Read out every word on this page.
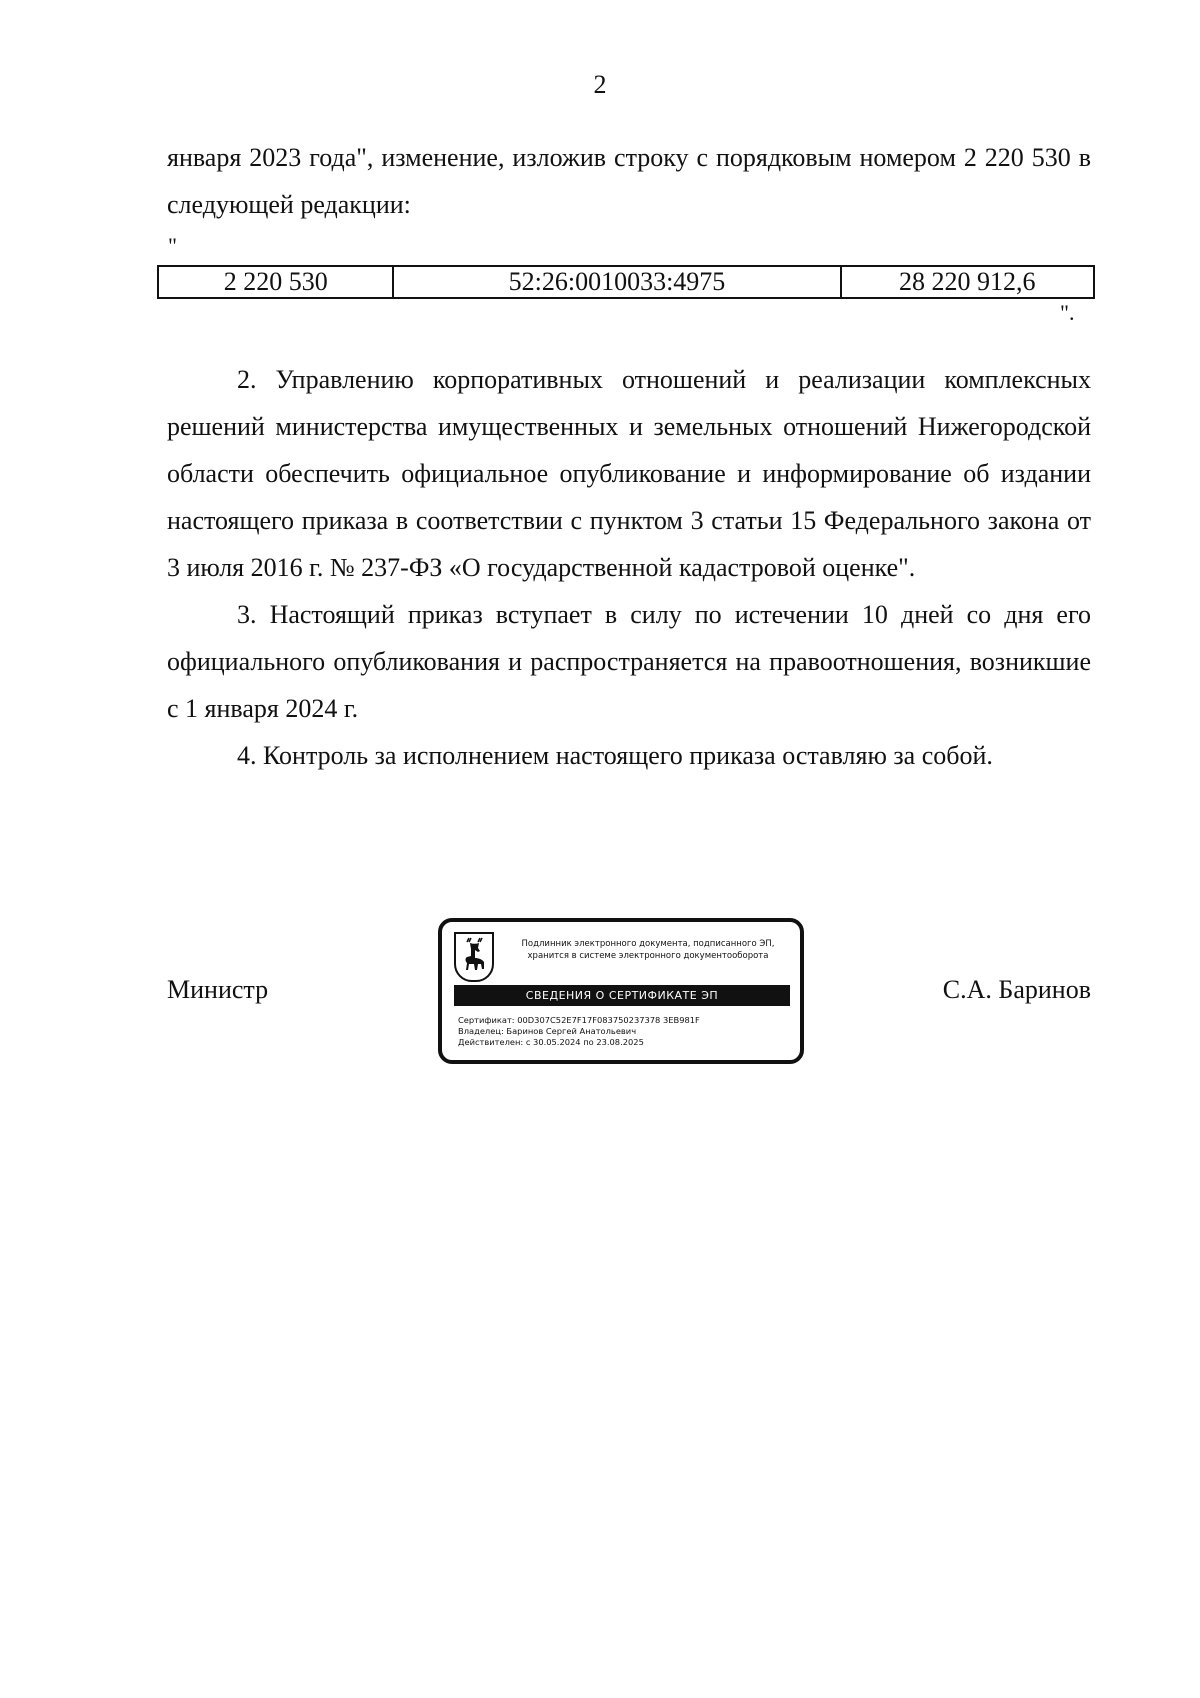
2
января 2023 года", изменение, изложив строку с порядковым номером 2 220 530 в следующей редакции:
"
2 220 530	52:26:0010033:4975	28 220 912,6
".

2. Управлению корпоративных отношений и реализации комплексных решений министерства имущественных и земельных отношений Нижегородской области обеспечить официальное опубликование и информирование об издании настоящего приказа в соответствии с пунктом 3 статьи 15 Федерального закона от 3 июля 2016 г. № 237-ФЗ «О государственной кадастровой оценке".

3. Настоящий приказ вступает в силу по истечении 10 дней со дня его официального опубликования и распространяется на правоотношения, возникшие с 1 января 2024 г.

4. Контроль за исполнением настоящего приказа оставляю за собой.

Министр
Подлинник электронного документа, подписанного ЭП,
хранится в системе электронного документооборота
СВЕДЕНИЯ О СЕРТИФИКАТЕ ЭП
Сертификат: 00D307C52E7F17F083750237378 3EB981F
Владелец: Баринов Сергей Анатольевич
Действителен: с 30.05.2024 по 23.08.2025
С.А. Баринов
